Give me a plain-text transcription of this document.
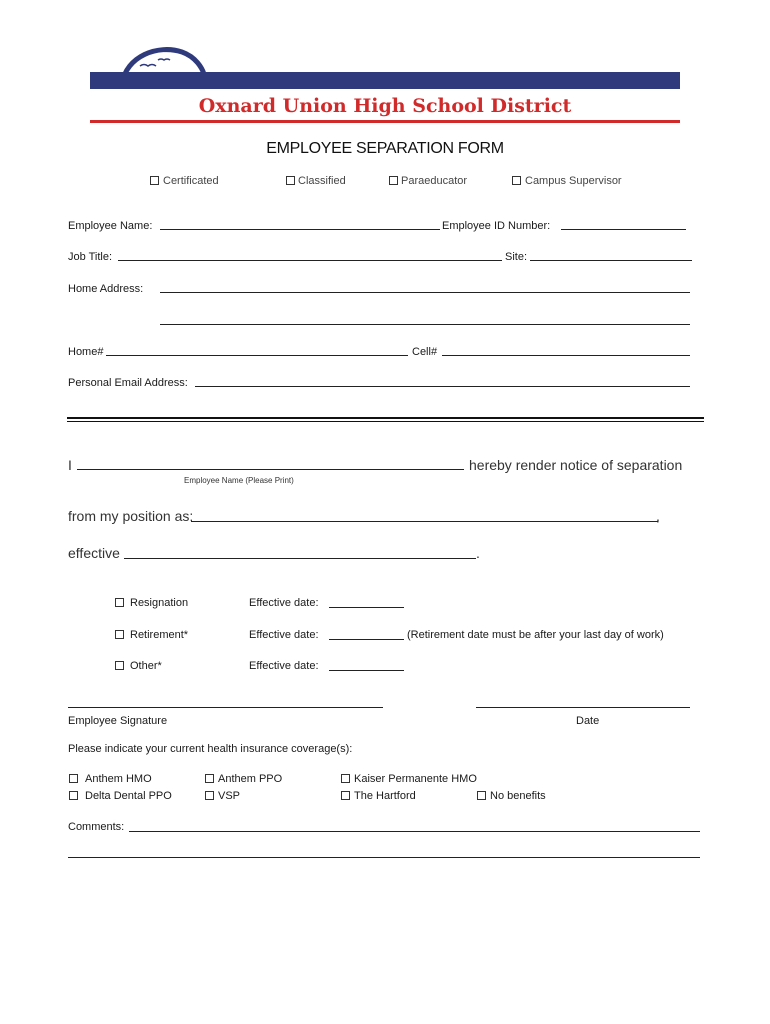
Oxnard Union High School District
EMPLOYEE SEPARATION FORM
Certificated	Classified	Paraeducator	Campus Supervisor
Employee Name:	Employee ID Number:
Job Title:	Site:
Home Address:
Home#	Cell#
Personal Email Address:
I	hereby render notice of separation
Employee Name (Please Print)
from my position as:	,
effective	.
Resignation	Effective date:
Retirement*	Effective date:	(Retirement date must be after your last day of work)
Other*	Effective date:
Employee Signature	Date
Please indicate your current health insurance coverage(s):
Anthem HMO	Anthem PPO	Kaiser Permanente HMO
Delta Dental PPO	VSP	The Hartford	No benefits
Comments:
